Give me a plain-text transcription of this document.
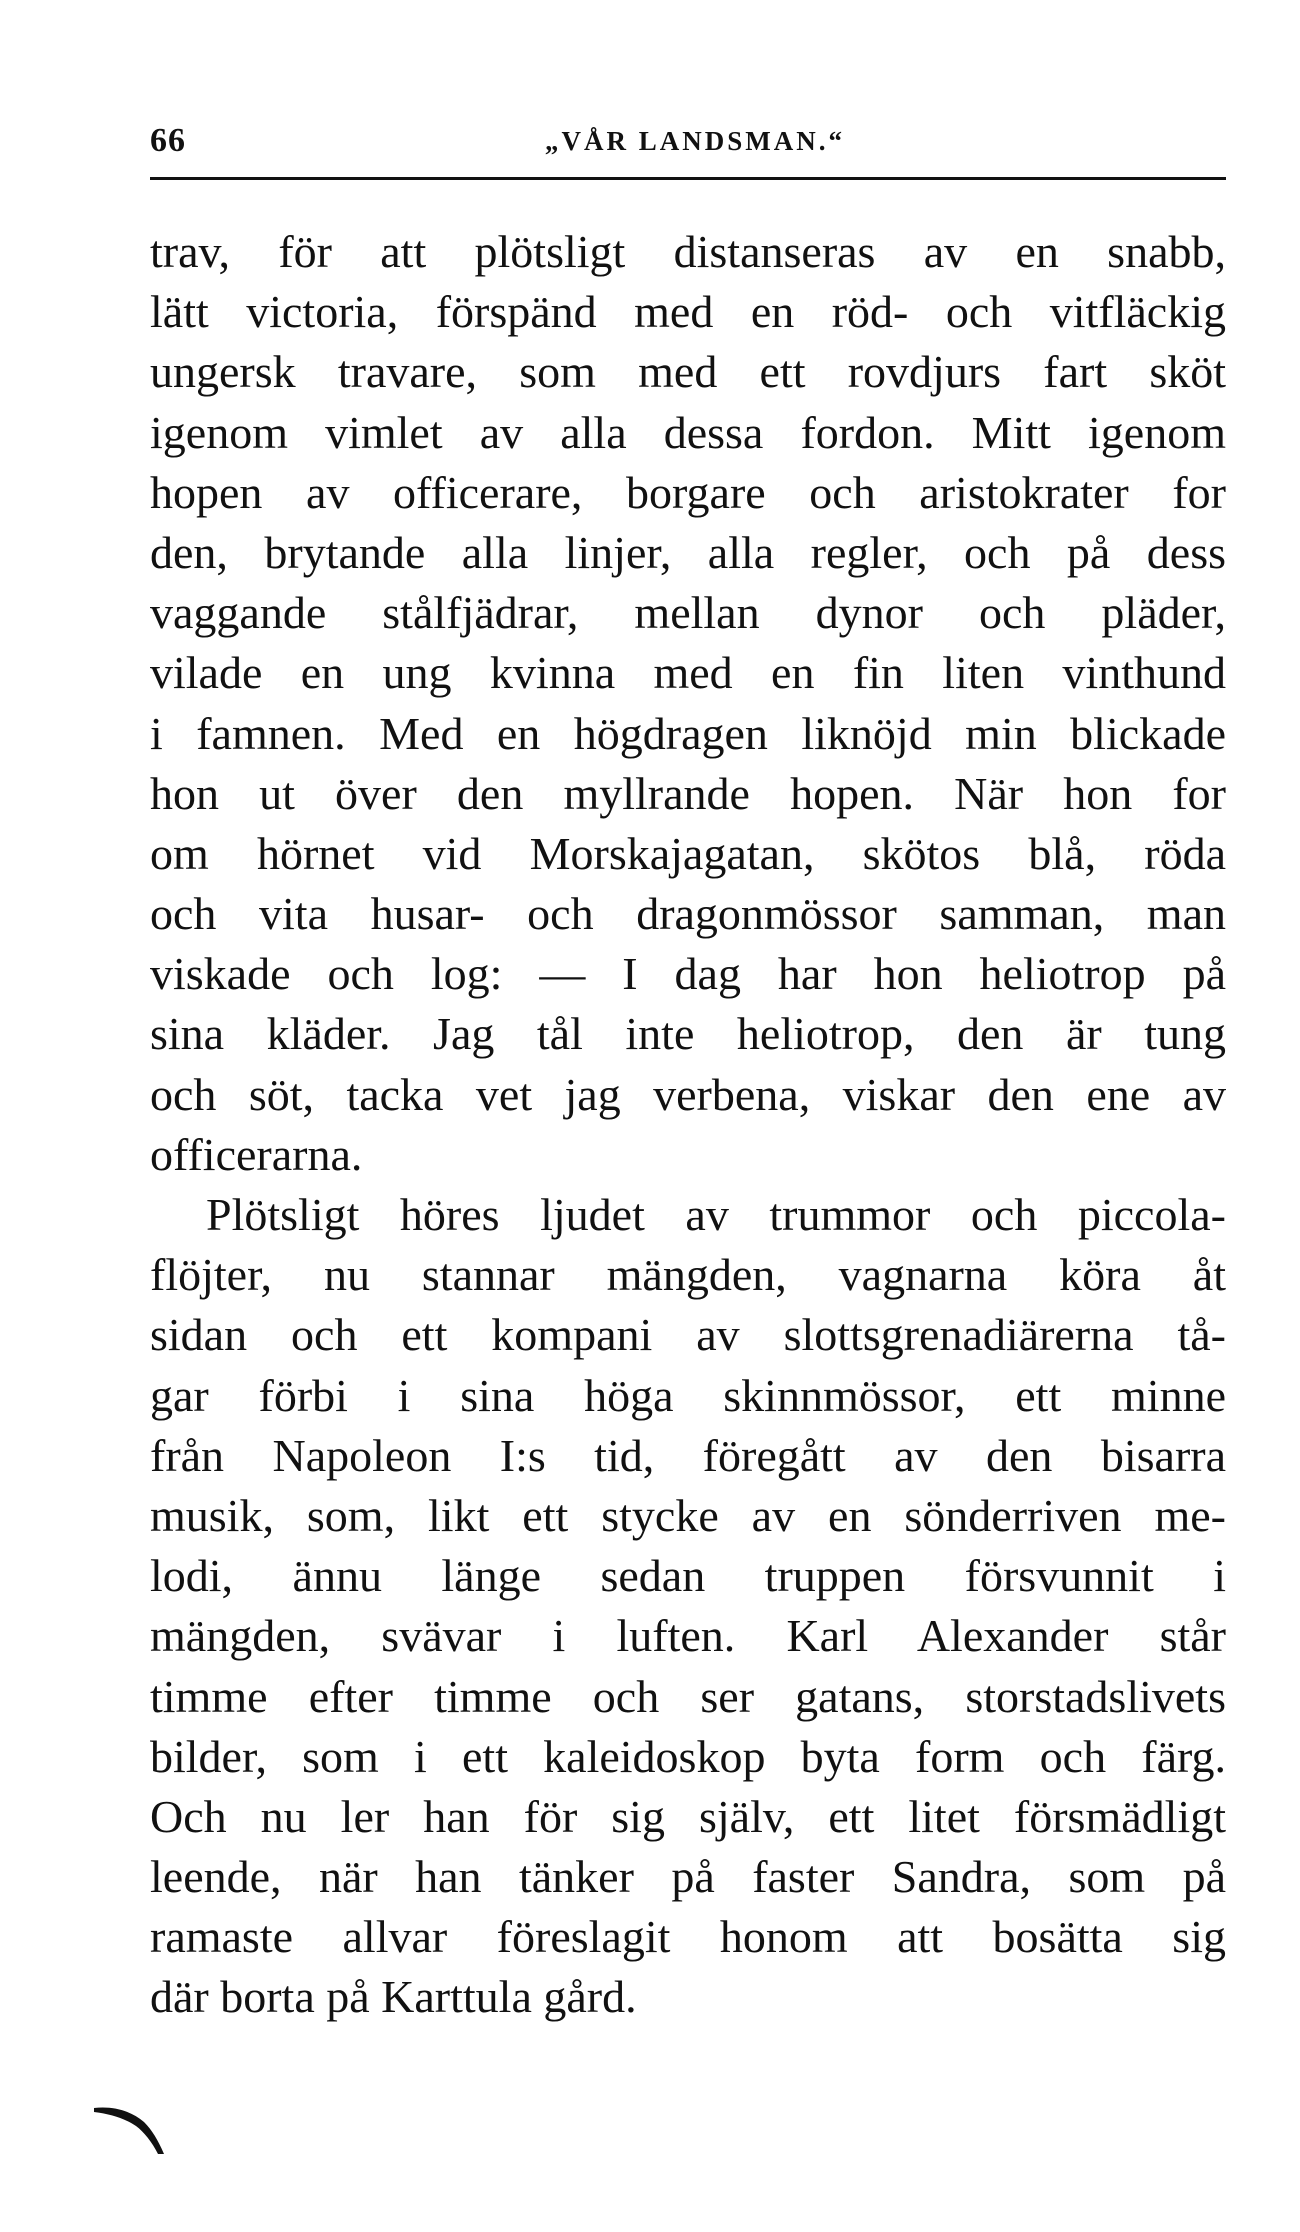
66	„VÅR LANDSMAN.“
trav, för att plötsligt distanseras av en snabb,
lätt victoria, förspänd med en röd- och vitfläckig
ungersk travare, som med ett rovdjurs fart sköt
igenom vimlet av alla dessa fordon. Mitt igenom
hopen av officerare, borgare och aristokrater for
den, brytande alla linjer, alla regler, och på dess
vaggande stålfjädrar, mellan dynor och pläder,
vilade en ung kvinna med en fin liten vinthund
i famnen. Med en högdragen liknöjd min blickade
hon ut över den myllrande hopen. När hon for
om hörnet vid Morskajagatan, skötos blå, röda
och vita husar- och dragonmössor samman, man
viskade och log: — I dag har hon heliotrop på
sina kläder. Jag tål inte heliotrop, den är tung
och söt, tacka vet jag verbena, viskar den ene av
officerarna.
Plötsligt höres ljudet av trummor och piccola-
flöjter, nu stannar mängden, vagnarna köra åt
sidan och ett kompani av slottsgrenadiärerna tå-
gar förbi i sina höga skinnmössor, ett minne
från Napoleon I:s tid, föregått av den bisarra
musik, som, likt ett stycke av en sönderriven me-
lodi, ännu länge sedan truppen försvunnit i
mängden, svävar i luften. Karl Alexander står
timme efter timme och ser gatans, storstadslivets
bilder, som i ett kaleidoskop byta form och färg.
Och nu ler han för sig själv, ett litet försmädligt
leende, när han tänker på faster Sandra, som på
ramaste allvar föreslagit honom att bosätta sig
där borta på Karttula gård.
